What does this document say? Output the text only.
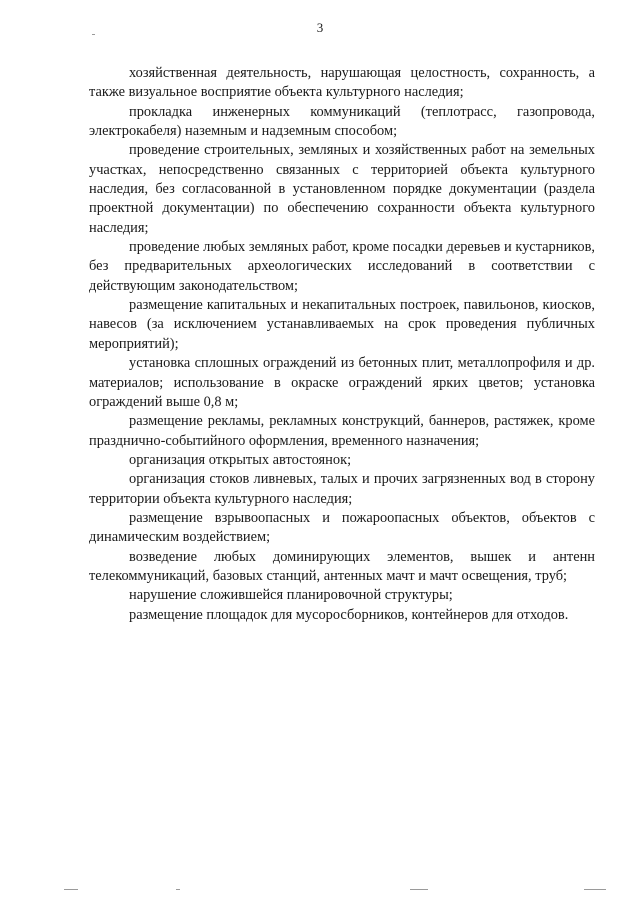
3

хозяйственная деятельность, нарушающая целостность, сохранность, а также визуальное восприятие объекта культурного наследия;

прокладка инженерных коммуникаций (теплотрасс, газопровода, электрокабеля) наземным и надземным способом;

проведение строительных, земляных и хозяйственных работ на земельных участках, непосредственно связанных с территорией объекта культурного наследия, без согласованной в установленном порядке документации (раздела проектной документации) по обеспечению сохранности объекта культурного наследия;

проведение любых земляных работ, кроме посадки деревьев и кустарников, без предварительных археологических исследований в соответствии с действующим законодательством;

размещение капитальных и некапитальных построек, павильонов, киосков, навесов (за исключением устанавливаемых на срок проведения публичных мероприятий);

установка сплошных ограждений из бетонных плит, металлопрофиля и др. материалов; использование в окраске ограждений ярких цветов; установка ограждений выше 0,8 м;

размещение рекламы, рекламных конструкций, баннеров, растяжек, кроме празднично-событийного оформления, временного назначения;

организация открытых автостоянок;

организация стоков ливневых, талых и прочих загрязненных вод в сторону территории объекта культурного наследия;

размещение взрывоопасных и пожароопасных объектов, объектов с динамическим воздействием;

возведение любых доминирующих элементов, вышек и антенн телекоммуникаций, базовых станций, антенных мачт и мачт освещения, труб;

нарушение сложившейся планировочной структуры;

размещение площадок для мусоросборников, контейнеров для отходов.
